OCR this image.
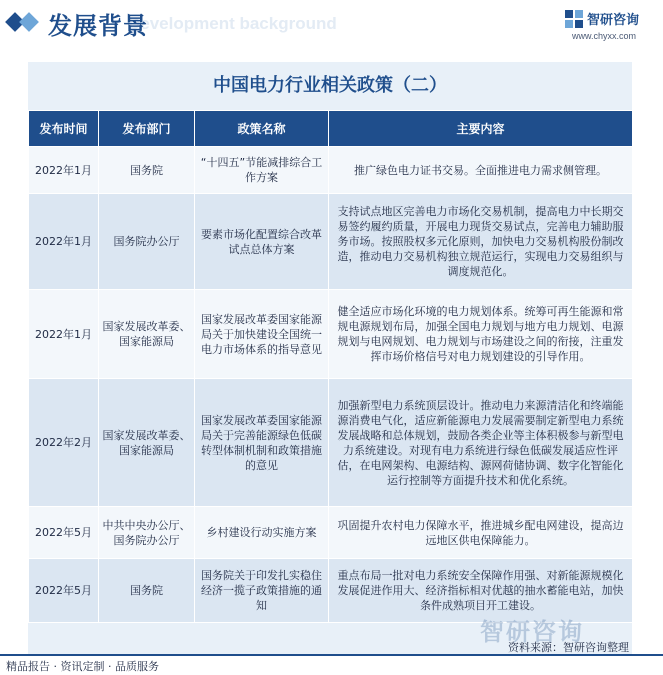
Development background
发展背景	智研咨询
www.chyxx.com
中国电力行业相关政策（二）
发布时间	发布部门	政策名称	主要内容
2022年1月	国务院	“十四五”节能减排综合工作方案	推广绿色电力证书交易。全面推进电力需求侧管理。
2022年1月	国务院办公厅	要素市场化配置综合改革试点总体方案	支持试点地区完善电力市场化交易机制，提高电力中长期交易签约履约质量，开展电力现货交易试点，完善电力辅助服务市场。按照股权多元化原则，加快电力交易机构股份制改造，推动电力交易机构独立规范运行，实现电力交易组织与调度规范化。
2022年1月	国家发展改革委、国家能源局	国家发展改革委国家能源局关于加快建设全国统一电力市场体系的指导意见	健全适应市场化环境的电力规划体系。统筹可再生能源和常规电源规划布局，加强全国电力规划与地方电力规划、电源规划与电网规划、电力规划与市场建设之间的衔接，注重发挥市场价格信号对电力规划建设的引导作用。
2022年2月	国家发展改革委、国家能源局	国家发展改革委国家能源局关于完善能源绿色低碳转型体制机制和政策措施的意见	加强新型电力系统顶层设计。推动电力来源清洁化和终端能源消费电气化，适应新能源电力发展需要制定新型电力系统发展战略和总体规划，鼓励各类企业等主体积极参与新型电力系统建设。对现有电力系统进行绿色低碳发展适应性评估，在电网架构、电源结构、源网荷储协调、数字化智能化运行控制等方面提升技术和优化系统。
2022年5月	中共中央办公厅、国务院办公厅	乡村建设行动实施方案	巩固提升农村电力保障水平，推进城乡配电网建设，提高边远地区供电保障能力。
2022年5月	国务院	国务院关于印发扎实稳住经济一揽子政策措施的通知	重点布局一批对电力系统安全保障作用强、对新能源规模化发展促进作用大、经济指标相对优越的抽水蓄能电站，加快条件成熟项目开工建设。
智研咨询
资料来源：智研咨询整理
精品报告 · 资讯定制 · 品质服务
